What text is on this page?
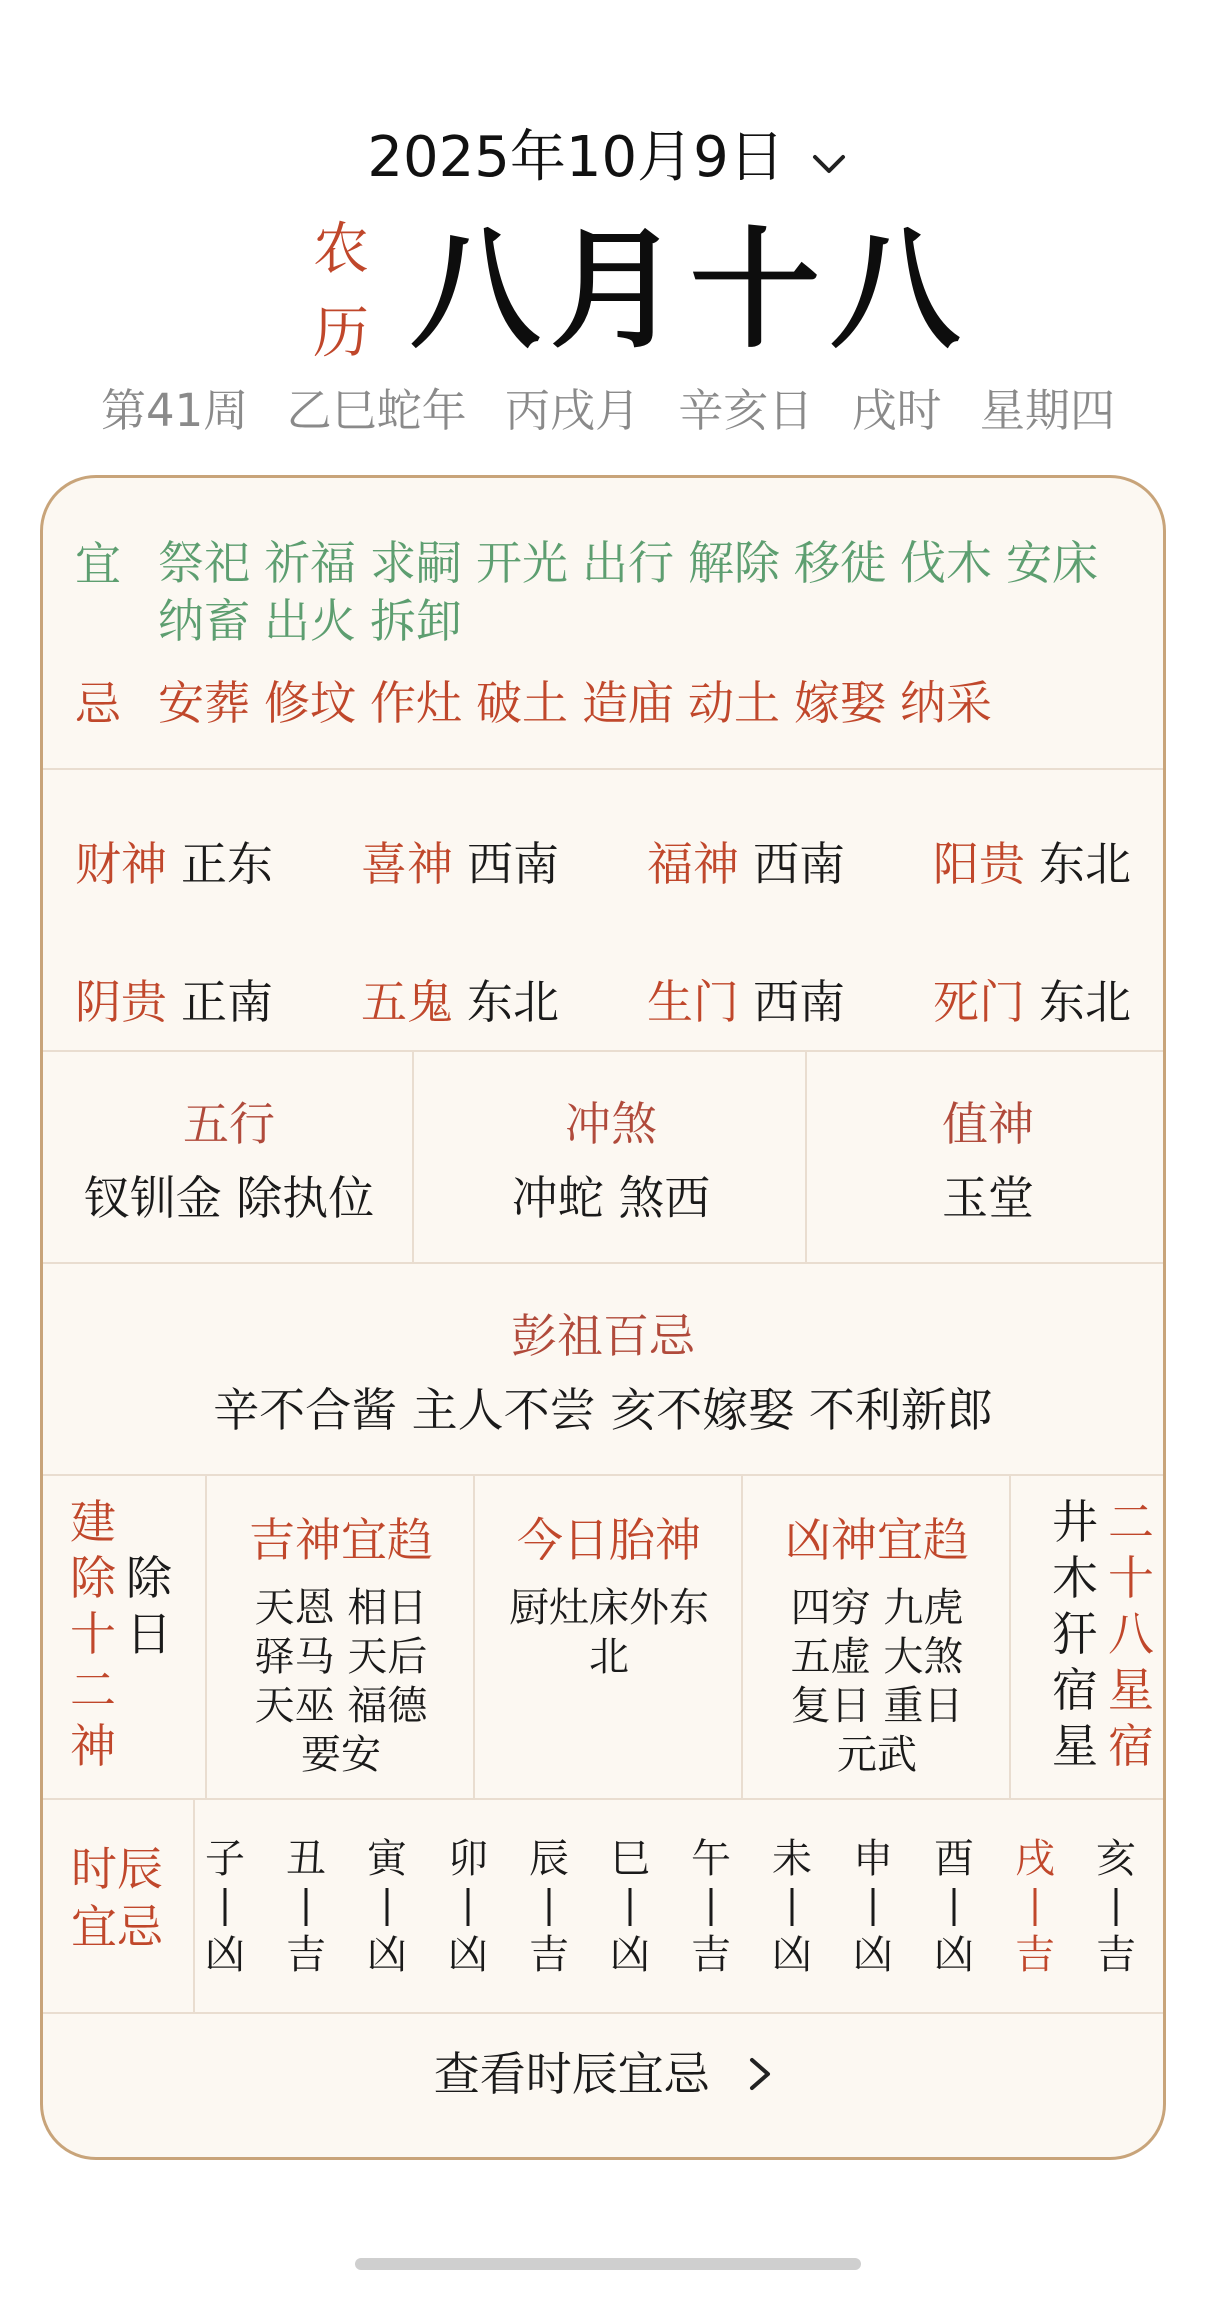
2025年10月9日
农
历 八月十八
第41周 乙巳蛇年 丙戌月 辛亥日 戌时 星期四
宜 祭祀 祈福 求嗣 开光 出行 解除 移徙 伐木 安床纳畜 出火 拆卸
忌 安葬 修坟 作灶 破土 造庙 动土 嫁娶 纳采
财神 正东 喜神 西南 福神 西南 阳贵 东北
阴贵 正南 五鬼 东北 生门 西南 死门 东北
五行
钗钏金 除执位
冲煞
冲蛇 煞西
值神
玉堂
彭祖百忌
辛不合酱 主人不尝 亥不嫁娶 不利新郎
建
除
十
二
神
除
日
吉神宜趋
天恩 相日
驿马 天后
天巫 福德
要安
今日胎神
厨灶床外东
北
凶神宜趋
四穷 九虎
五虚 大煞
复日 重日
元武
井
木
犴
宿
星
二
十
八
星
宿
时辰
宜忌
子
凶
丑
吉
寅
凶
卯
凶
辰
吉
巳
凶
午
吉
未
凶
申
凶
酉
凶
戌
吉
亥
吉
查看时辰宜忌
